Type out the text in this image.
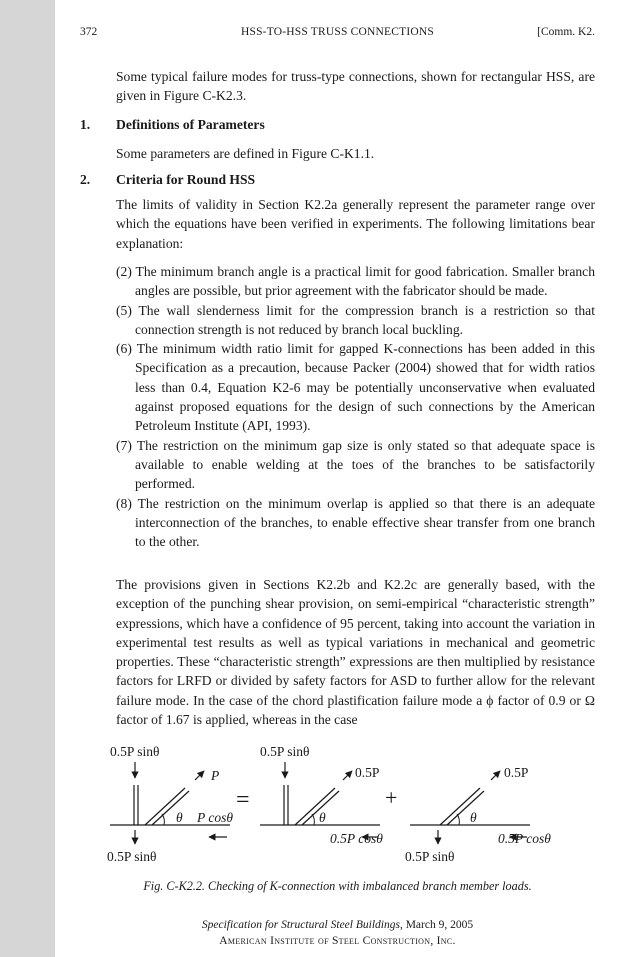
372	HSS-TO-HSS TRUSS CONNECTIONS	[Comm. K2.

Some typical failure modes for truss-type connections, shown for rectangular HSS, are given in Figure C-K2.3.

1. Definitions of Parameters

Some parameters are defined in Figure C-K1.1.

2. Criteria for Round HSS

The limits of validity in Section K2.2a generally represent the parameter range over which the equations have been verified in experiments. The following limitations bear explanation:

(2) The minimum branch angle is a practical limit for good fabrication. Smaller branch angles are possible, but prior agreement with the fabricator should be made.
(5) The wall slenderness limit for the compression branch is a restriction so that connection strength is not reduced by branch local buckling.
(6) The minimum width ratio limit for gapped K-connections has been added in this Specification as a precaution, because Packer (2004) showed that for width ratios less than 0.4, Equation K2-6 may be potentially unconservative when evaluated against proposed equations for the design of such connections by the American Petroleum Institute (API, 1993).
(7) The restriction on the minimum gap size is only stated so that adequate space is available to enable welding at the toes of the branches to be satisfactorily performed.
(8) The restriction on the minimum overlap is applied so that there is an adequate interconnection of the branches, to enable effective shear transfer from one branch to the other.

The provisions given in Sections K2.2b and K2.2c are generally based, with the exception of the punching shear provision, on semi-empirical “characteristic strength” expressions, which have a confidence of 95 percent, taking into account the variation in experimental test results as well as typical variations in mechanical and geometric properties. These “characteristic strength” expressions are then multiplied by resistance factors for LRFD or divided by safety factors for ASD to further allow for the relevant failure mode. In the case of the chord plastification failure mode a ϕ factor of 0.9 or Ω factor of 1.67 is applied, whereas in the case

0.5P sinθ
P
θ P cosθ
0.5P sinθ
=
0.5P sinθ
0.5P
θ
0.5P cosθ
+
0.5P
θ
0.5P cosθ
0.5P sinθ
Fig. C-K2.2. Checking of K-connection with imbalanced branch member loads.
Specification for Structural Steel Buildings, March 9, 2005
American Institute of Steel Construction, Inc.
